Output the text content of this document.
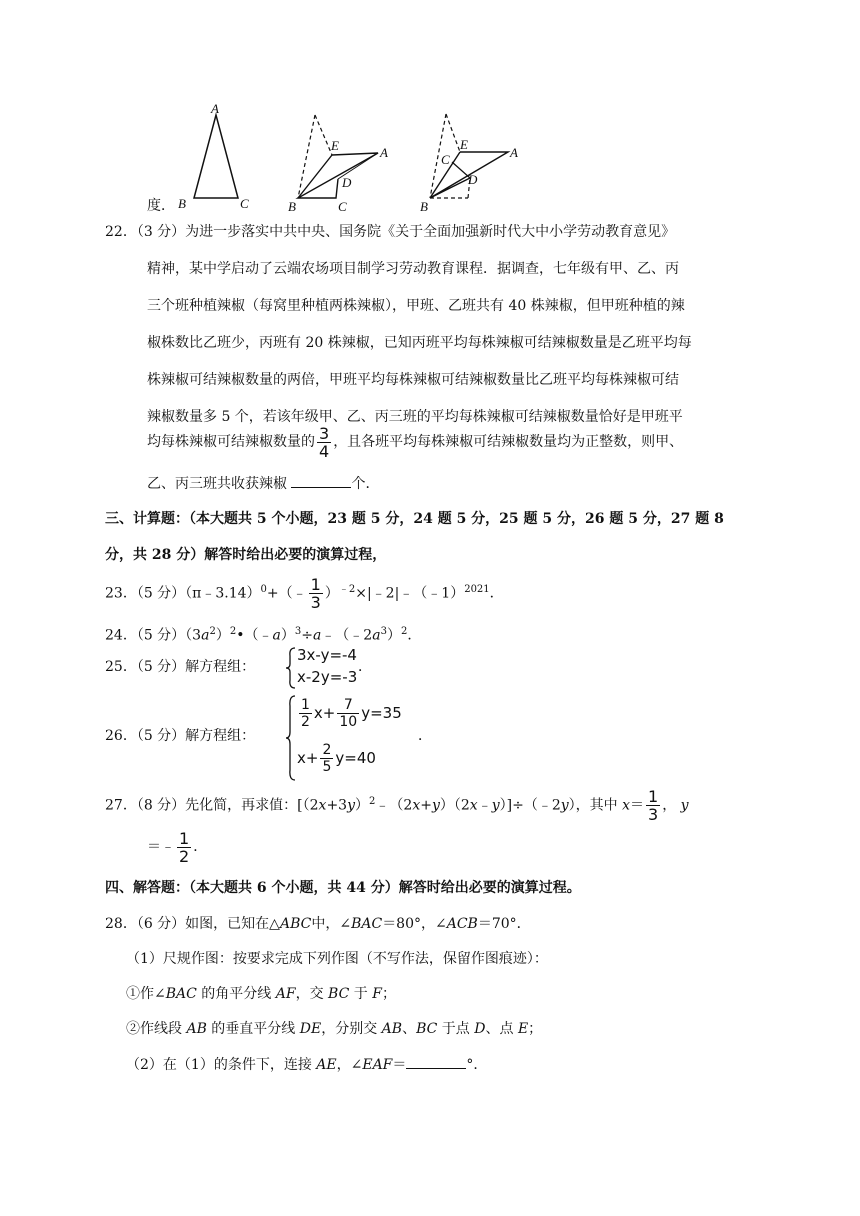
A
B	C
E	A
D
B	C
C
E
A
D
B
度．
22．（3 分）为进一步落实中共中央、国务院《关于全面加强新时代大中小学劳动教育意见》
精神，某中学启动了云端农场项目制学习劳动教育课程．据调查，七年级有甲、乙、丙
三个班种植辣椒（每窝里种植两株辣椒），甲班、乙班共有 40 株辣椒，但甲班种植的辣
椒株数比乙班少，丙班有 20 株辣椒，已知丙班平均每株辣椒可结辣椒数量是乙班平均每
株辣椒可结辣椒数量的两倍，甲班平均每株辣椒可结辣椒数量比乙班平均每株辣椒可结
辣椒数量多 5 个，若该年级甲、乙、丙三班的平均每株辣椒可结辣椒数量恰好是甲班平
均每株辣椒可结辣椒数量的 $\frac{3}{4}$ ，且各班平均每株辣椒可结辣椒数量均为正整数，则甲、
乙、丙三班共收获辣椒	个．
三、计算题：（本大题共 5 个小题，23 题 5 分，24 题 5 分，25 题 5 分，26 题 5 分，27 题 8
分，共 28 分）解答时给出必要的演算过程，
23．（5 分）（π﹣3.14）$^0$+（﹣ $\frac{1}{3}$ ）$^{﹣2}$×|﹣2|﹣（﹣1）$^{2021}$．
24．（5 分）$(3a^2)^2•(﹣a)^3\div a﹣(﹣2a^3)^2$．
25．（5 分）解方程组：
3x-y=-4
x-2y=-3
．
26．（5 分）解方程组：
$\frac{1}{2} x+ \frac{7}{10} y=35$
$x+ \frac{2}{5} y=40$
．
27．（8 分）先化简，再求值：$[(2x+3y)^2﹣(2x+y)(2x﹣y)]\div(﹣2y)$，其中 $x= \frac{1}{3}$ ， y
＝﹣ $\frac{1}{2}$ ．
四、解答题：（本大题共 6 个小题，共 44 分）解答时给出必要的演算过程。
28．（6 分）如图，已知在△ABC中，∠BAC＝80°，∠ACB＝70°．
（1）尺规作图：按要求完成下列作图（不写作法，保留作图痕迹）：
①作∠BAC 的角平分线 AF，交 BC 于 F；
②作线段 AB 的垂直平分线 DE，分别交 AB、BC 于点 D、点 E；
（2）在（1）的条件下，连接 AE，∠EAF＝	°．
